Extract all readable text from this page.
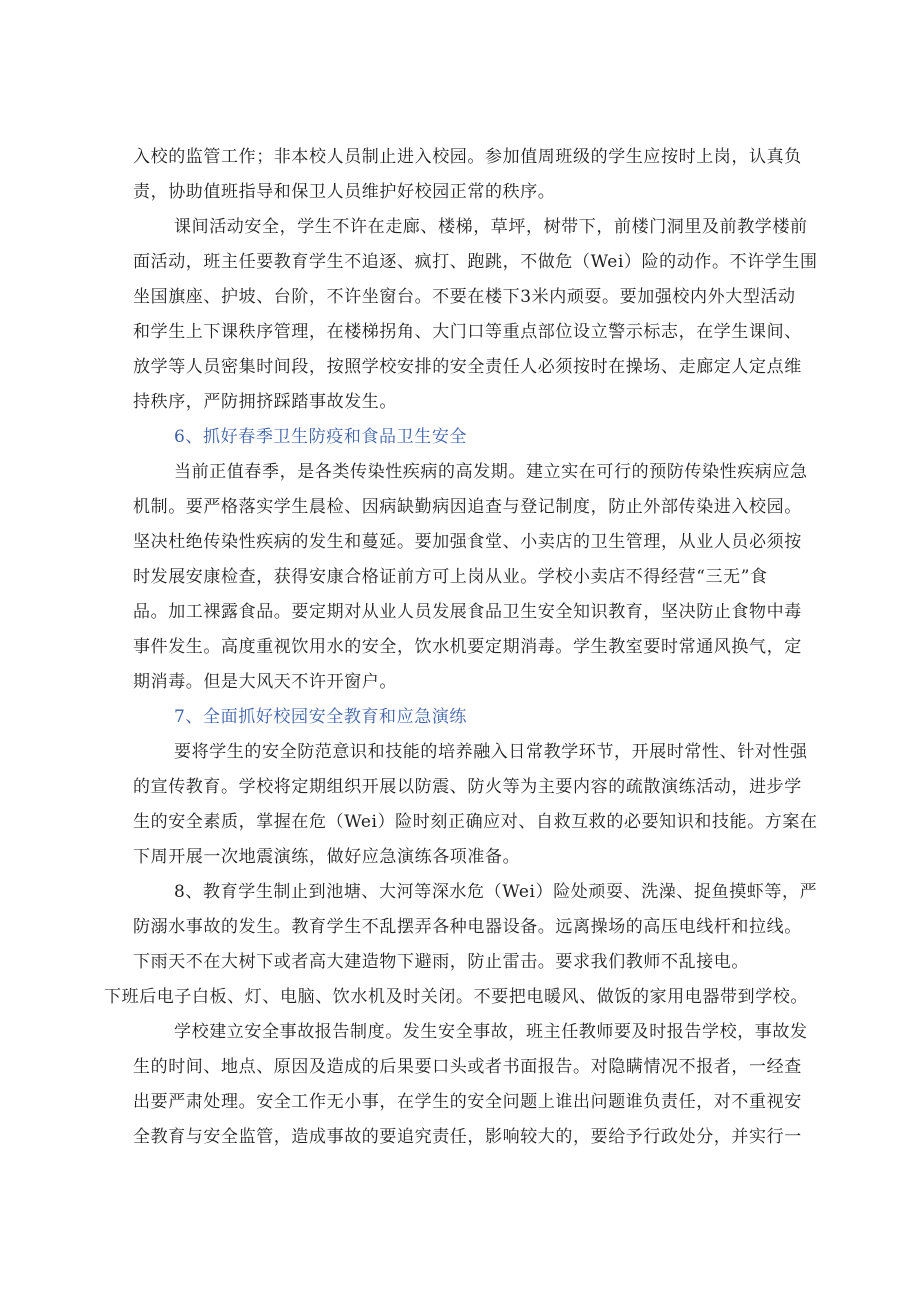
入校的监管工作；非本校人员制止进入校园。参加值周班级的学生应按时上岗，认真负
责，协助值班指导和保卫人员维护好校园正常的秩序。
课间活动安全，学生不许在走廊、楼梯，草坪，树带下，前楼门洞里及前教学楼前
面活动，班主任要教育学生不追逐、疯打、跑跳，不做危（Wei）险的动作。不许学生围
坐国旗座、护坡、台阶，不许坐窗台。不要在楼下3米内顽耍。要加强校内外大型活动
和学生上下课秩序管理，在楼梯拐角、大门口等重点部位设立警示标志，在学生课间、
放学等人员密集时间段，按照学校安排的安全责任人必须按时在操场、走廊定人定点维
持秩序，严防拥挤踩踏事故发生。
6、抓好春季卫生防疫和食品卫生安全
当前正值春季，是各类传染性疾病的高发期。建立实在可行的预防传染性疾病应急
机制。要严格落实学生晨检、因病缺勤病因追查与登记制度，防止外部传染进入校园。
坚决杜绝传染性疾病的发生和蔓延。要加强食堂、小卖店的卫生管理，从业人员必须按
时发展安康检查，获得安康合格证前方可上岗从业。学校小卖店不得经营“三无”食
品。加工裸露食品。要定期对从业人员发展食品卫生安全知识教育，坚决防止食物中毒
事件发生。高度重视饮用水的安全，饮水机要定期消毒。学生教室要时常通风换气，定
期消毒。但是大风天不许开窗户。
7、全面抓好校园安全教育和应急演练
要将学生的安全防范意识和技能的培养融入日常教学环节，开展时常性、针对性强
的宣传教育。学校将定期组织开展以防震、防火等为主要内容的疏散演练活动，进步学
生的安全素质，掌握在危（Wei）险时刻正确应对、自救互救的必要知识和技能。方案在
下周开展一次地震演练，做好应急演练各项准备。
8、教育学生制止到池塘、大河等深水危（Wei）险处顽耍、洗澡、捉鱼摸虾等，严
防溺水事故的发生。教育学生不乱摆弄各种电器设备。远离操场的高压电线杆和拉线。
下雨天不在大树下或者高大建造物下避雨，防止雷击。要求我们教师不乱接电。
下班后电子白板、灯、电脑、饮水机及时关闭。不要把电暖风、做饭的家用电器带到学校。
学校建立安全事故报告制度。发生安全事故，班主任教师要及时报告学校，事故发
生的时间、地点、原因及造成的后果要口头或者书面报告。对隐瞒情况不报者，一经查
出要严肃处理。安全工作无小事，在学生的安全问题上谁出问题谁负责任，对不重视安
全教育与安全监管，造成事故的要追究责任，影响较大的，要给予行政处分，并实行一
